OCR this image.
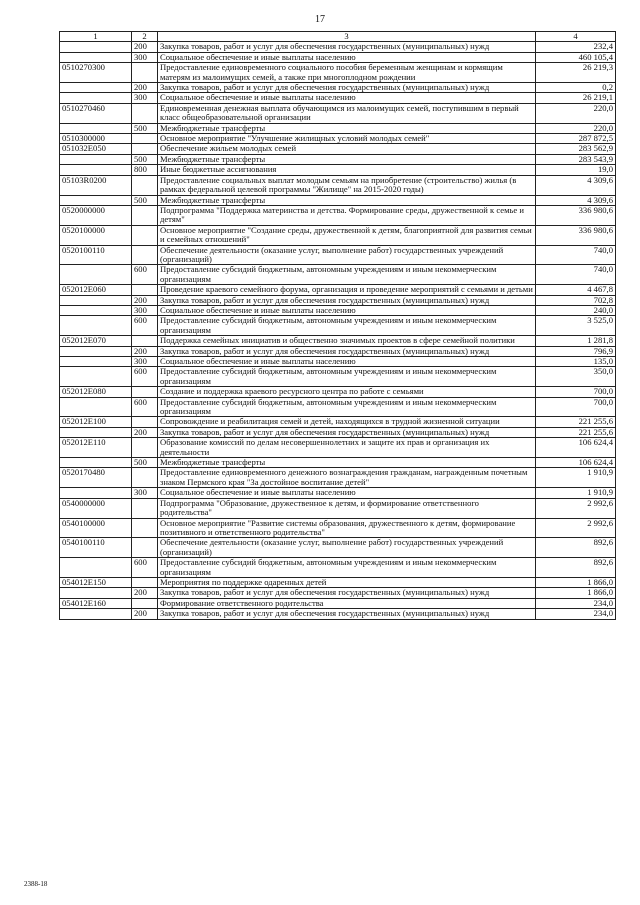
17
1	2	3	4
	200	Закупка товаров, работ и услуг для обеспечения государственных (муниципальных) нужд	232,4
	300	Социальное обеспечение и иные выплаты населению	460 105,4
0510270300		Предоставление единовременного социального пособия беременным женщинам и кормящим матерям из малоимущих семей, а также при многоплодном рождении	26 219,3
	200	Закупка товаров, работ и услуг для обеспечения государственных (муниципальных) нужд	0,2
	300	Социальное обеспечение и иные выплаты населению	26 219,1
0510270460		Единовременная денежная выплата обучающимся из малоимущих семей, поступившим в первый класс общеобразовательной организации	220,0
	500	Межбюджетные трансферты	220,0
0510300000		Основное мероприятие "Улучшение жилищных условий молодых семей"	287 872,5
051032E050		Обеспечение жильем молодых семей	283 562,9
	500	Межбюджетные трансферты	283 543,9
	800	Иные бюджетные ассигнования	19,0
05103R0200		Предоставление социальных выплат молодым семьям на приобретение (строительство) жилья (в рамках федеральной целевой программы "Жилище" на 2015-2020 годы)	4 309,6
	500	Межбюджетные трансферты	4 309,6
0520000000		Подпрограмма "Поддержка материнства и детства. Формирование среды, дружественной к семье и детям"	336 980,6
0520100000		Основное мероприятие "Создание среды, дружественной к детям, благоприятной для развития семьи и семейных отношений"	336 980,6
0520100110		Обеспечение деятельности (оказание услуг, выполнение работ) государственных учреждений (организаций)	740,0
	600	Предоставление субсидий бюджетным, автономным учреждениям и иным некоммерческим организациям	740,0
052012E060		Проведение краевого семейного форума, организация и проведение мероприятий с семьями и детьми	4 467,8
	200	Закупка товаров, работ и услуг для обеспечения государственных (муниципальных) нужд	702,8
	300	Социальное обеспечение и иные выплаты населению	240,0
	600	Предоставление субсидий бюджетным, автономным учреждениям и иным некоммерческим организациям	3 525,0
052012E070		Поддержка семейных инициатив и общественно значимых проектов в сфере семейной политики	1 281,8
	200	Закупка товаров, работ и услуг для обеспечения государственных (муниципальных) нужд	796,9
	300	Социальное обеспечение и иные выплаты населению	135,0
	600	Предоставление субсидий бюджетным, автономным учреждениям и иным некоммерческим организациям	350,0
052012E080		Создание и поддержка краевого ресурсного центра по работе с семьями	700,0
	600	Предоставление субсидий бюджетным, автономным учреждениям и иным некоммерческим организациям	700,0
052012E100		Сопровождение и реабилитация семей и детей, находящихся в трудной жизненной ситуации	221 255,6
	200	Закупка товаров, работ и услуг для обеспечения государственных (муниципальных) нужд	221 255,6
052012E110		Образование комиссий по делам несовершеннолетних и защите их прав и организация их деятельности	106 624,4
	500	Межбюджетные трансферты	106 624,4
0520170480		Предоставление единовременного денежного вознаграждения гражданам, награжденным почетным знаком Пермского края "За достойное воспитание детей"	1 910,9
	300	Социальное обеспечение и иные выплаты населению	1 910,9
0540000000		Подпрограмма "Образование, дружественное к детям, и формирование ответственного родительства"	2 992,6
0540100000		Основное мероприятие "Развитие системы образования, дружественного к детям, формирование позитивного и ответственного родительства"	2 992,6
0540100110		Обеспечение деятельности (оказание услуг, выполнение работ) государственных учреждений (организаций)	892,6
	600	Предоставление субсидий бюджетным, автономным учреждениям и иным некоммерческим организациям	892,6
054012E150		Мероприятия по поддержке одаренных детей	1 866,0
	200	Закупка товаров, работ и услуг для обеспечения государственных (муниципальных) нужд	1 866,0
054012E160		Формирование ответственного родительства	234,0
	200	Закупка товаров, работ и услуг для обеспечения государственных (муниципальных) нужд	234,0
2388-18
